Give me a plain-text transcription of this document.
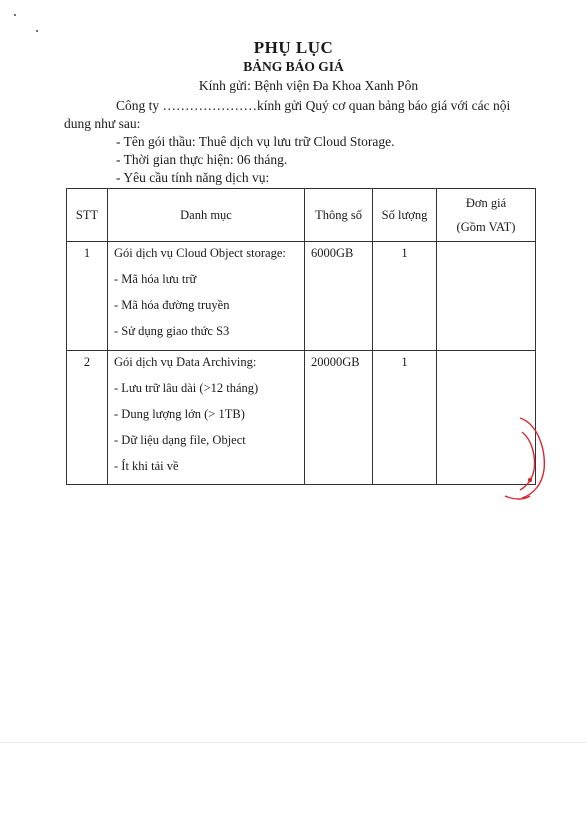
PHỤ LỤC
BẢNG BÁO GIÁ
Kính gửi: Bệnh viện Đa Khoa Xanh Pôn
Công ty …………………kính gửi Quý cơ quan bảng báo giá với các nội
dung như sau:
- Tên gói thầu: Thuê dịch vụ lưu trữ Cloud Storage.
- Thời gian thực hiện: 06 tháng.
- Yêu cầu tính năng dịch vụ:
STT	Danh mục	Thông số	Số lượng	Đơn giá
(Gồm VAT)

1	Gói dịch vụ Cloud Object storage:
- Mã hóa lưu trữ
- Mã hóa đường truyền
- Sử dụng giao thức S3	6000GB	1	
2	Gói dịch vụ Data Archiving:
- Lưu trữ lâu dài (>12 tháng)
- Dung lượng lớn (> 1TB)
- Dữ liệu dạng file, Object
- Ít khi tải về	20000GB	1	
